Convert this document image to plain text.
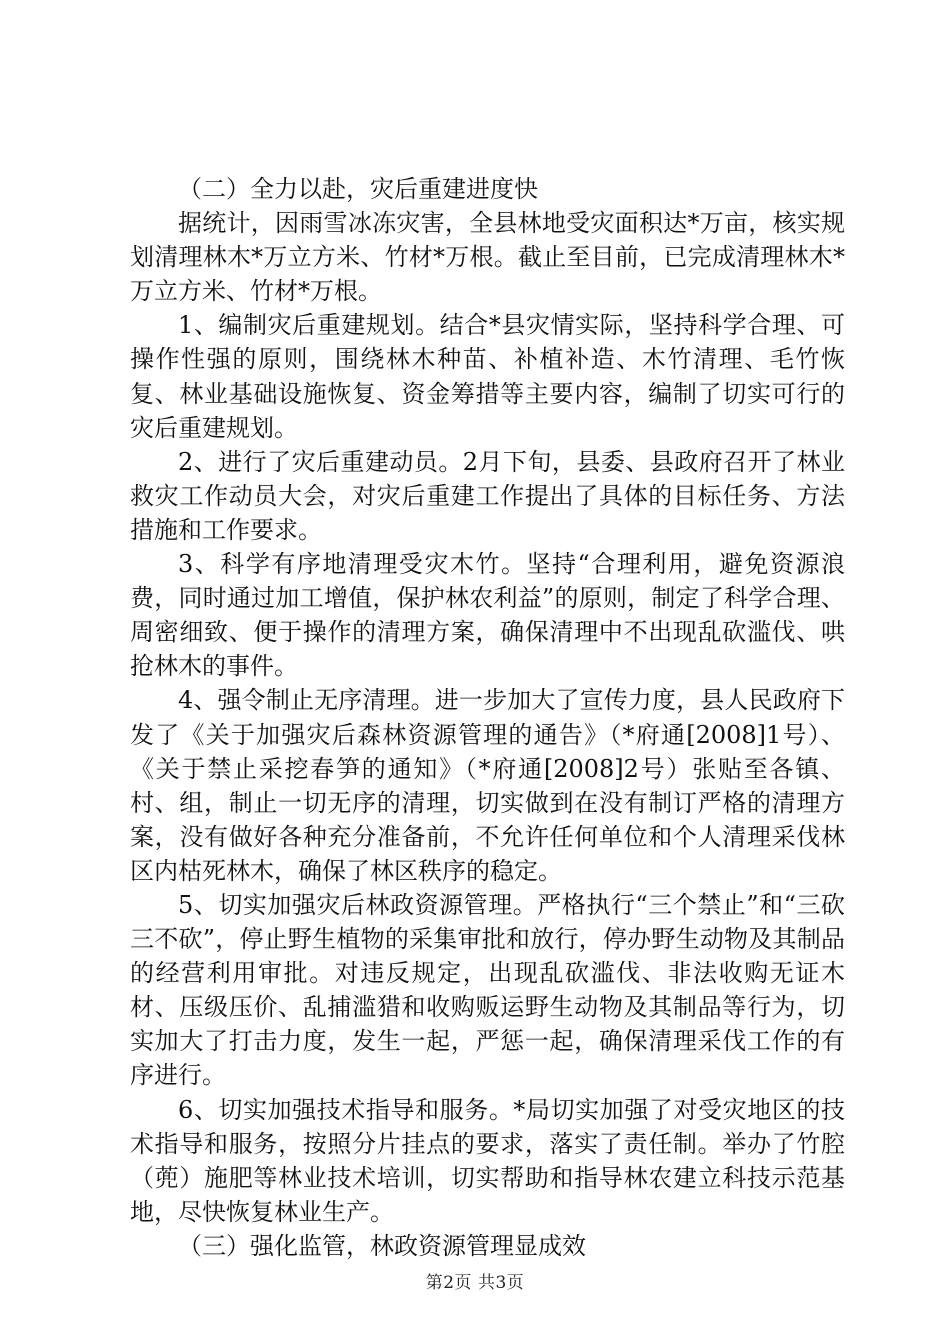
（二）全力以赴，灾后重建进度快

据统计，因雨雪冰冻灾害，全县林地受灾面积达*万亩，核实规划清理林木*万立方米、竹材*万根。截止至目前，已完成清理林木*万立方米、竹材*万根。

1、编制灾后重建规划。结合*县灾情实际，坚持科学合理、可操作性强的原则，围绕林木种苗、补植补造、木竹清理、毛竹恢复、林业基础设施恢复、资金筹措等主要内容，编制了切实可行的灾后重建规划。

2、进行了灾后重建动员。2月下旬，县委、县政府召开了林业救灾工作动员大会，对灾后重建工作提出了具体的目标任务、方法措施和工作要求。

3、科学有序地清理受灾木竹。坚持“合理利用，避免资源浪费，同时通过加工增值，保护林农利益”的原则，制定了科学合理、周密细致、便于操作的清理方案，确保清理中不出现乱砍滥伐、哄抢林木的事件。

4、强令制止无序清理。进一步加大了宣传力度，县人民政府下发了《关于加强灾后森林资源管理的通告》（*府通[2008]1号）、《关于禁止采挖春笋的通知》（*府通[2008]2号）张贴至各镇、村、组，制止一切无序的清理，切实做到在没有制订严格的清理方案，没有做好各种充分准备前，不允许任何单位和个人清理采伐林区内枯死林木，确保了林区秩序的稳定。

5、切实加强灾后林政资源管理。严格执行“三个禁止”和“三砍三不砍”，停止野生植物的采集审批和放行，停办野生动物及其制品的经营利用审批。对违反规定，出现乱砍滥伐、非法收购无证木材、压级压价、乱捕滥猎和收购贩运野生动物及其制品等行为，切实加大了打击力度，发生一起，严惩一起，确保清理采伐工作的有序进行。

6、切实加强技术指导和服务。*局切实加强了对受灾地区的技术指导和服务，按照分片挂点的要求，落实了责任制。举办了竹腔（蔸）施肥等林业技术培训，切实帮助和指导林农建立科技示范基地，尽快恢复林业生产。

（三）强化监管，林政资源管理显成效

第2页 共3页
